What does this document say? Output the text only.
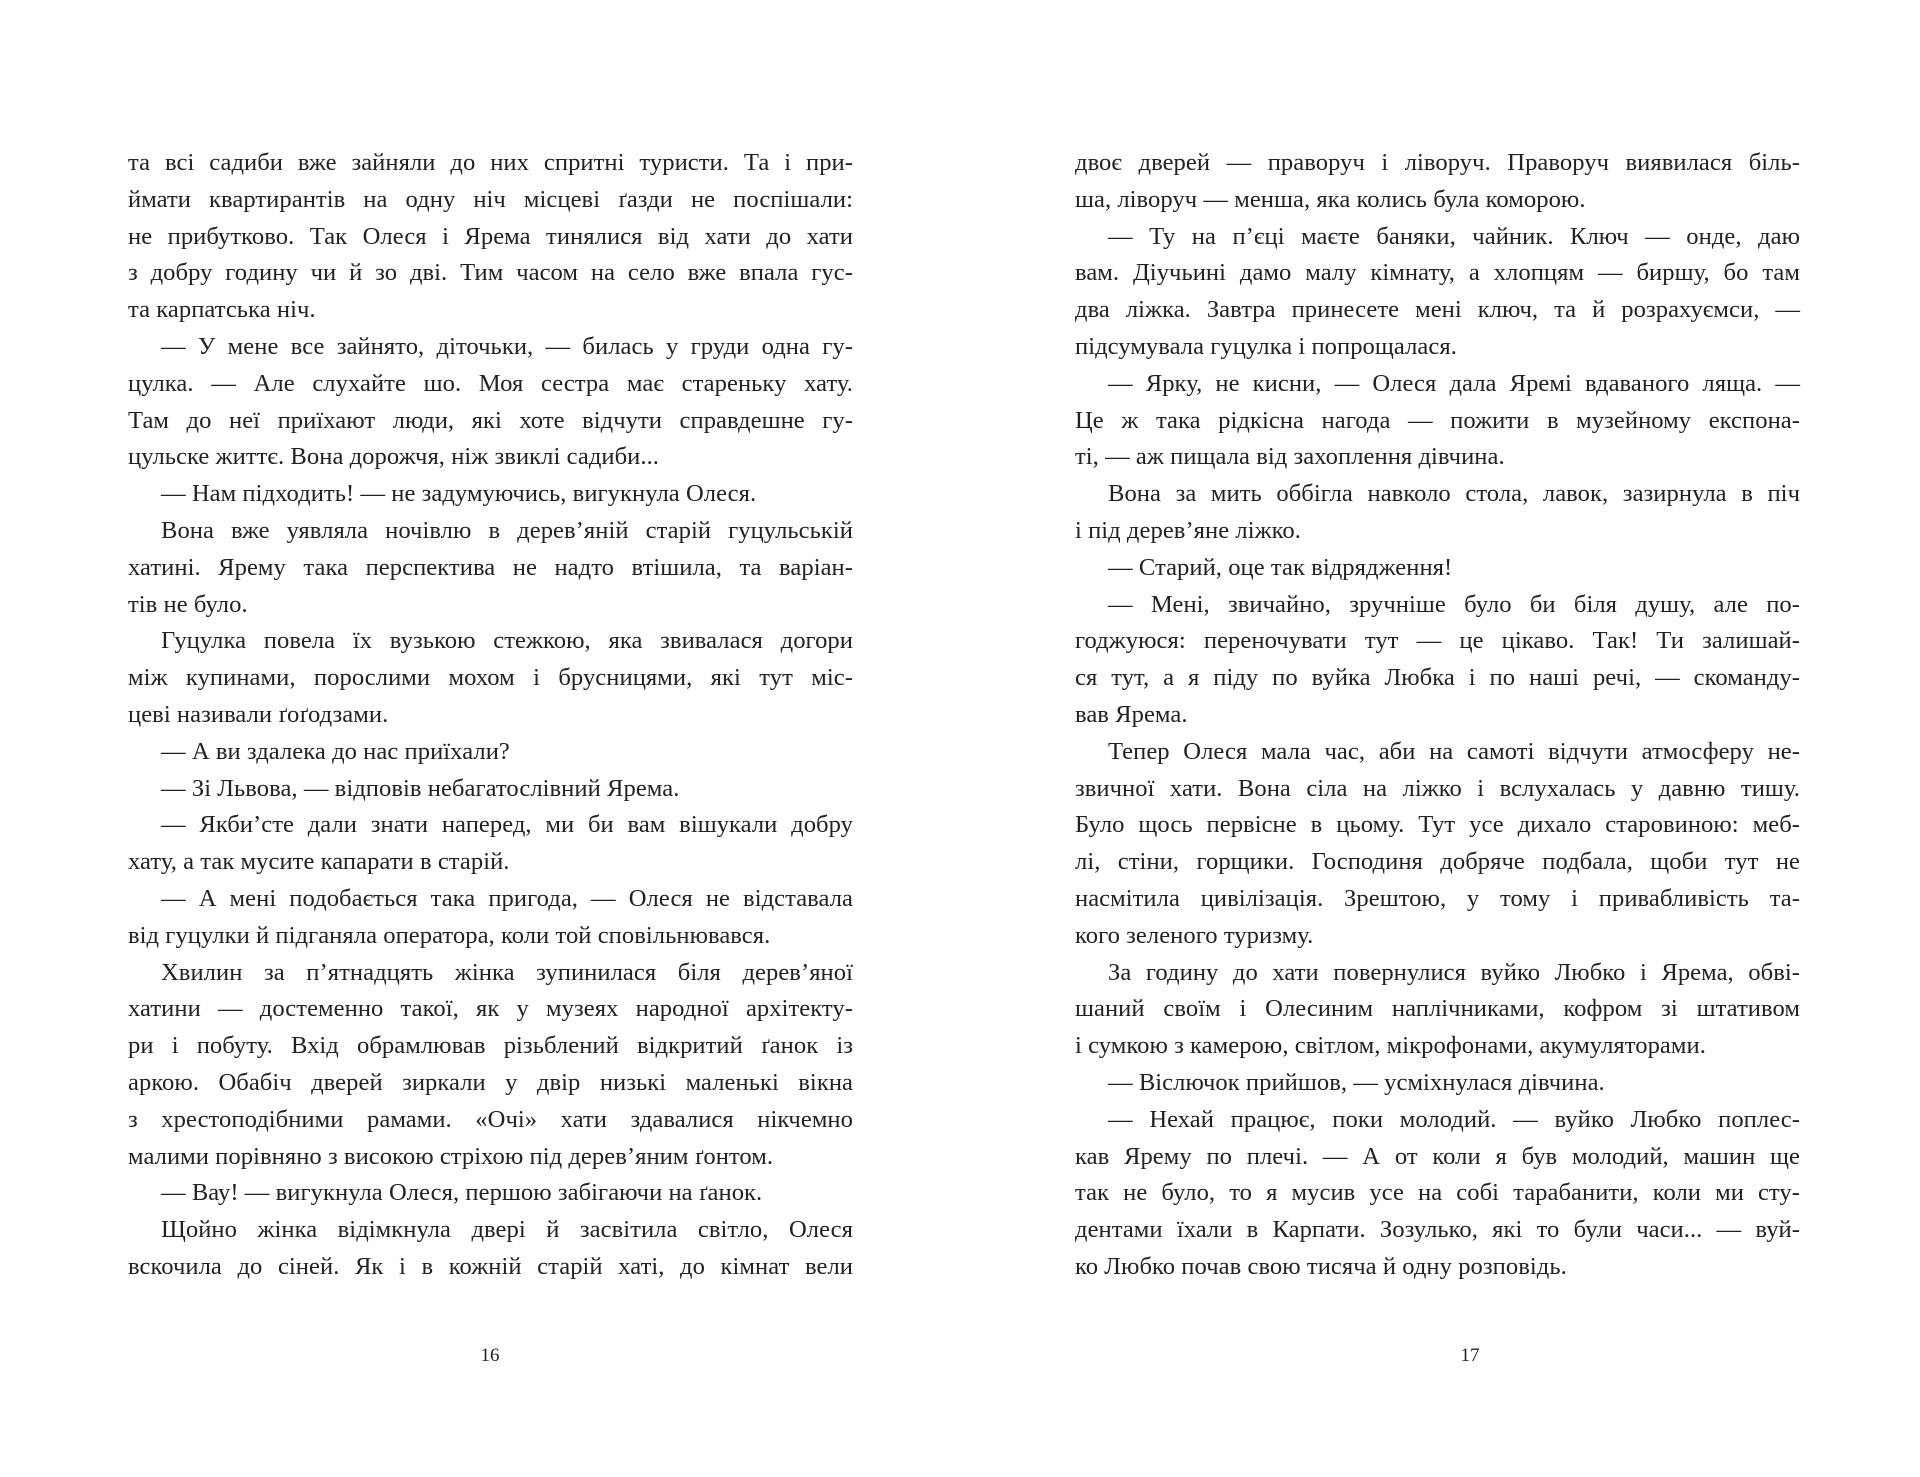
та всі садиби вже зайняли до них спритні туристи. Та і при-
ймати квартирантів на одну ніч місцеві ґазди не поспішали:
не прибутково. Так Олеся і Ярема тинялися від хати до хати
з добру годину чи й зо дві. Тим часом на село вже впала гус-
та карпатська ніч.
— У мене все зайнято, діточьки, — билась у груди одна гу-
цулка. — Але слухайте шо. Моя сестра має стареньку хату.
Там до неї приїхают люди, які хоте відчути справдешне гу-
цульске життє. Вона дорожчя, ніж звиклі садиби...
— Нам підходить! — не задумуючись, вигукнула Олеся.
Вона вже уявляла ночівлю в дерев’яній старій гуцульській
хатині. Ярему така перспектива не надто втішила, та варіан-
тів не було.
Гуцулка повела їх вузькою стежкою, яка звивалася догори
між купинами, порослими мохом і брусницями, які тут міс-
цеві називали ґоґодзами.
— А ви здалека до нас приїхали?
— Зі Львова, — відповів небагатослівний Ярема.
— Якби’сте дали знати наперед, ми би вам вішукали добру
хату, а так мусите капарати в старій.
— А мені подобається така пригода, — Олеся не відставала
від гуцулки й підганяла оператора, коли той сповільнювався.
Хвилин за п’ятнадцять жінка зупинилася біля дерев’яної
хатини — достеменно такої, як у музеях народної архітекту-
ри і побуту. Вхід обрамлював різьблений відкритий ґанок із
аркою. Обабіч дверей зиркали у двір низькі маленькі вікна
з хрестоподібними рамами. «Очі» хати здавалися нікчемно
малими порівняно з високою стріхою під дерев’яним ґонтом.
— Вау! — вигукнула Олеся, першою забігаючи на ґанок.
Щойно жінка відімкнула двері й засвітила світло, Олеся
вскочила до сіней. Як і в кожній старій хаті, до кімнат вели
16
двоє дверей — праворуч і ліворуч. Праворуч виявилася біль-
ша, ліворуч — менша, яка колись була коморою.
— Ту на п’єці маєте баняки, чайник. Ключ — онде, даю
вам. Діучьині дамо малу кімнату, а хлопцям — биршу, бо там
два ліжка. Завтра принесете мені ключ, та й розрахуємси, —
підсумувала гуцулка і попрощалася.
— Ярку, не кисни, — Олеся дала Яремі вдаваного ляща. —
Це ж така рідкісна нагода — пожити в музейному експона-
ті, — аж пищала від захоплення дівчина.
Вона за мить оббігла навколо стола, лавок, зазирнула в піч
і під дерев’яне ліжко.
— Старий, оце так відрядження!
— Мені, звичайно, зручніше було би біля душу, але по-
годжуюся: переночувати тут — це цікаво. Так! Ти залишай-
ся тут, а я піду по вуйка Любка і по наші речі, — скоманду-
вав Ярема.
Тепер Олеся мала час, аби на самоті відчути атмосферу не-
звичної хати. Вона сіла на ліжко і вслухалась у давню тишу.
Було щось первісне в цьому. Тут усе дихало старовиною: меб-
лі, стіни, горщики. Господиня добряче подбала, щоби тут не
насмітила цивілізація. Зрештою, у тому і привабливість та-
кого зеленого туризму.
За годину до хати повернулися вуйко Любко і Ярема, обві-
шаний своїм і Олесиним наплічниками, кофром зі штативом
і сумкою з камерою, світлом, мікрофонами, акумуляторами.
— Віслючок прийшов, — усміхнулася дівчина.
— Нехай працює, поки молодий. — вуйко Любко поплес-
кав Ярему по плечі. — А от коли я був молодий, машин ще
так не було, то я мусив усе на собі тарабанити, коли ми сту-
дентами їхали в Карпати. Зозулько, які то були часи... — вуй-
ко Любко почав свою тисяча й одну розповідь.
17
